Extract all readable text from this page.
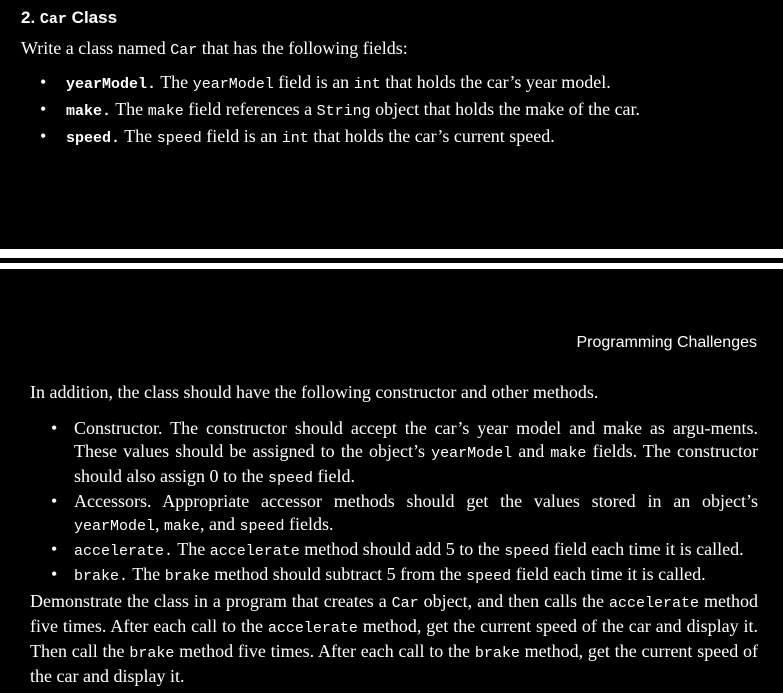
2. Car Class
Write a class named Car that has the following fields:
• yearModel. The yearModel field is an int that holds the car’s year model.
• make. The make field references a String object that holds the make of the car.
• speed. The speed field is an int that holds the car’s current speed.
Programming Challenges
In addition, the class should have the following constructor and other methods.
• Constructor. The constructor should accept the car’s year model and make as argu-ments. These values should be assigned to the object’s yearModel and make fields. The constructor should also assign 0 to the speed field.
• Accessors. Appropriate accessor methods should get the values stored in an object’s yearModel, make, and speed fields.
• accelerate. The accelerate method should add 5 to the speed field each time it is called.
• brake. The brake method should subtract 5 from the speed field each time it is called.
Demonstrate the class in a program that creates a Car object, and then calls the accelerate method five times. After each call to the accelerate method, get the current speed of the car and display it. Then call the brake method five times. After each call to the brake method, get the current speed of the car and display it.
